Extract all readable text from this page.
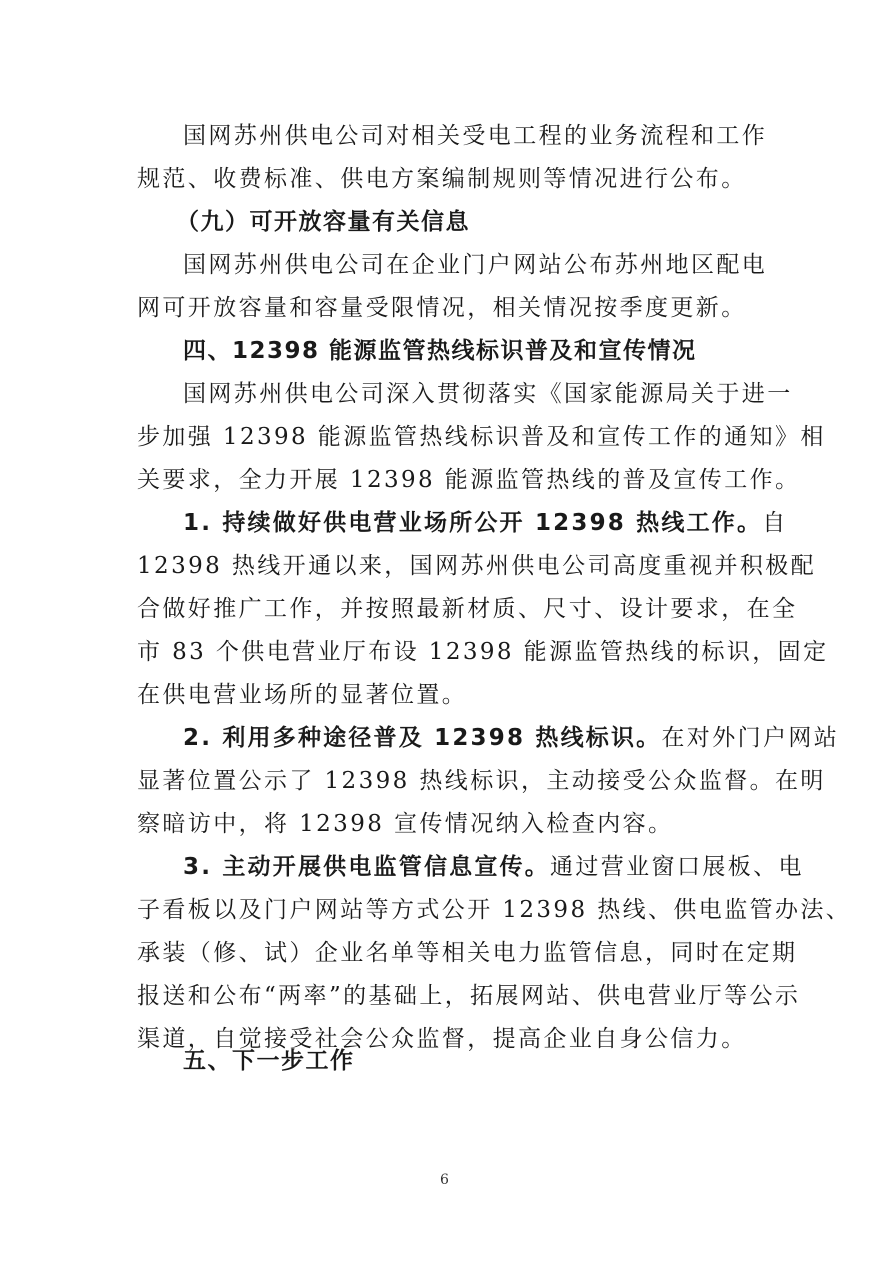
国网苏州供电公司对相关受电工程的业务流程和工作
规范、收费标准、供电方案编制规则等情况进行公布。
（九）可开放容量有关信息
国网苏州供电公司在企业门户网站公布苏州地区配电
网可开放容量和容量受限情况，相关情况按季度更新。
四、12398 能源监管热线标识普及和宣传情况
国网苏州供电公司深入贯彻落实《国家能源局关于进一
步加强 12398 能源监管热线标识普及和宣传工作的通知》相
关要求，全力开展 12398 能源监管热线的普及宣传工作。
1. 持续做好供电营业场所公开 12398 热线工作。自
12398 热线开通以来，国网苏州供电公司高度重视并积极配
合做好推广工作，并按照最新材质、尺寸、设计要求，在全
市 83 个供电营业厅布设 12398 能源监管热线的标识，固定
在供电营业场所的显著位置。
2. 利用多种途径普及 12398 热线标识。在对外门户网站
显著位置公示了 12398 热线标识，主动接受公众监督。在明
察暗访中，将 12398 宣传情况纳入检查内容。
3. 主动开展供电监管信息宣传。通过营业窗口展板、电
子看板以及门户网站等方式公开 12398 热线、供电监管办法、
承装（修、试）企业名单等相关电力监管信息，同时在定期
报送和公布“两率”的基础上，拓展网站、供电营业厅等公示
渠道，自觉接受社会公众监督，提高企业自身公信力。
五、下一步工作
6
